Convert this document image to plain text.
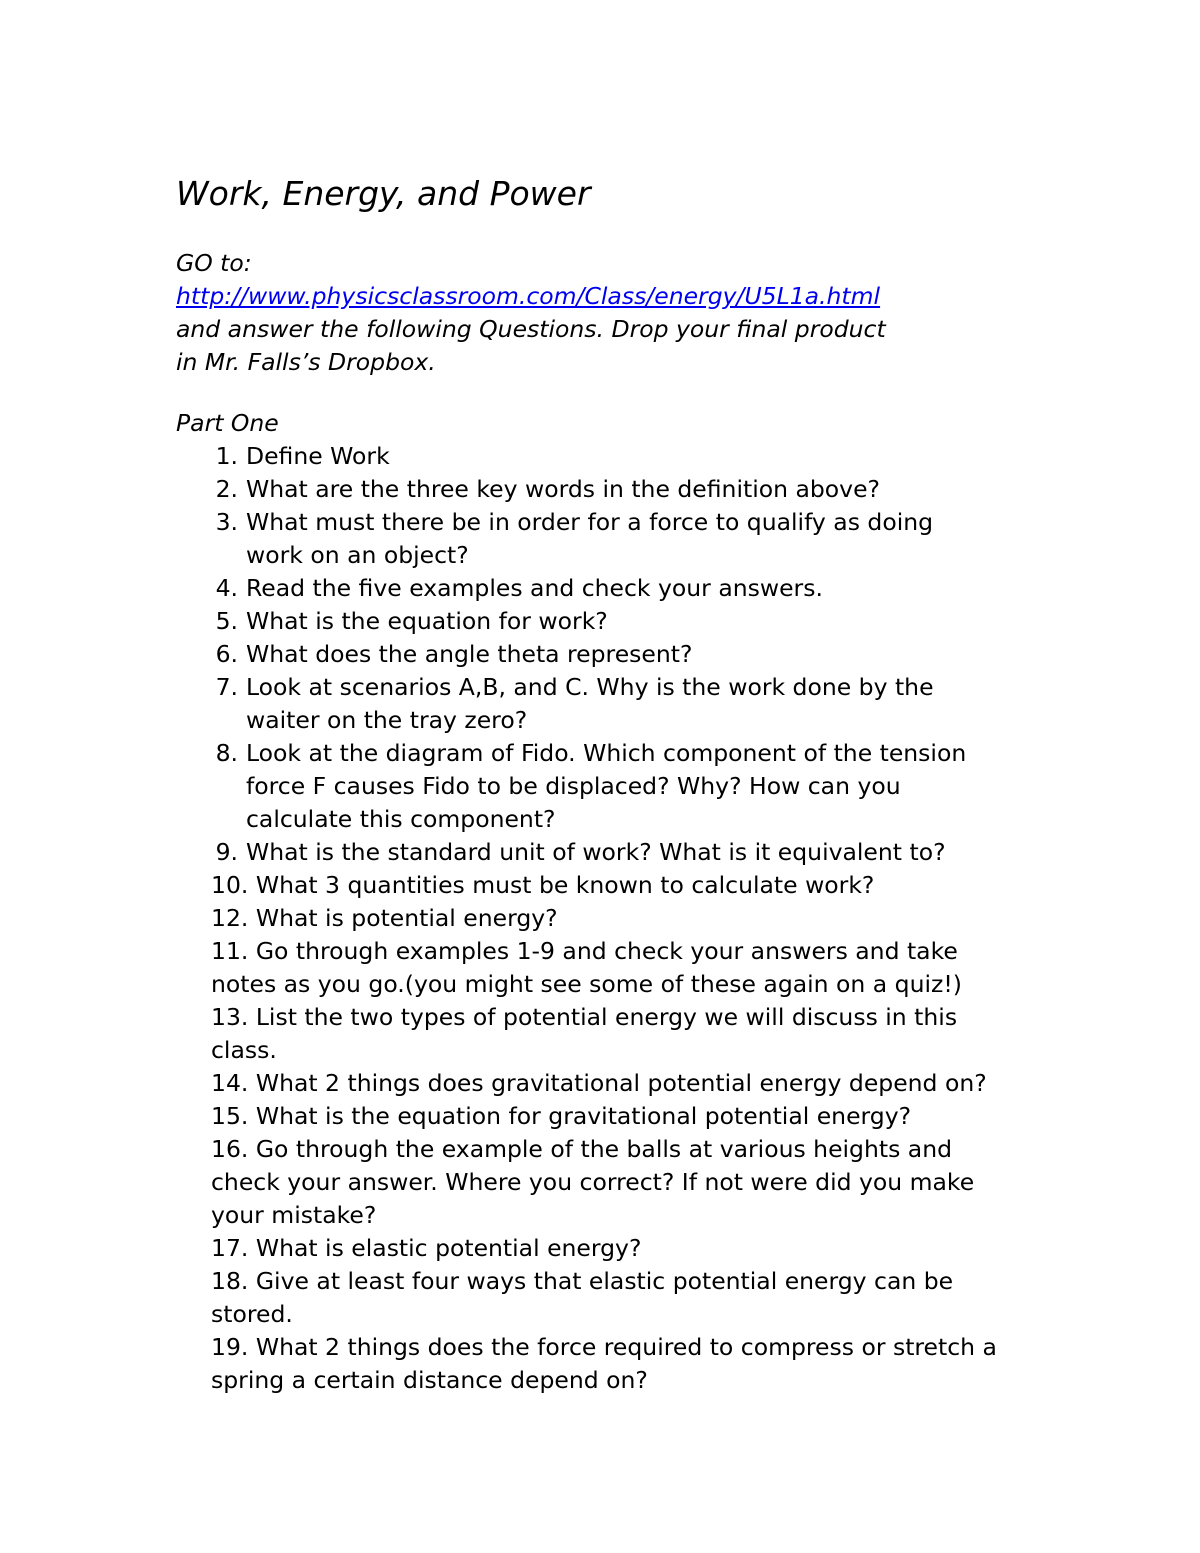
Work, Energy, and Power
GO to:
http://www.physicsclassroom.com/Class/energy/U5L1a.html
and answer the following Questions. Drop your final product
in Mr. Falls’s Dropbox.
Part One
1. Define Work
2. What are the three key words in the definition above?
3. What must there be in order for a force to qualify as doing
work on an object?
4. Read the five examples and check your answers.
5. What is the equation for work?
6. What does the angle theta represent?
7. Look at scenarios A,B, and C. Why is the work done by the
waiter on the tray zero?
8. Look at the diagram of Fido. Which component of the tension
force F causes Fido to be displaced? Why? How can you
calculate this component?
9. What is the standard unit of work? What is it equivalent to?
10. What 3 quantities must be known to calculate work?
12. What is potential energy?
11. Go through examples 1-9 and check your answers and take
notes as you go.(you might see some of these again on a quiz!)
13. List the two types of potential energy we will discuss in this
class.
14. What 2 things does gravitational potential energy depend on?
15. What is the equation for gravitational potential energy?
16. Go through the example of the balls at various heights and
check your answer. Where you correct? If not were did you make
your mistake?
17. What is elastic potential energy?
18. Give at least four ways that elastic potential energy can be
stored.
19. What 2 things does the force required to compress or stretch a
spring a certain distance depend on?
